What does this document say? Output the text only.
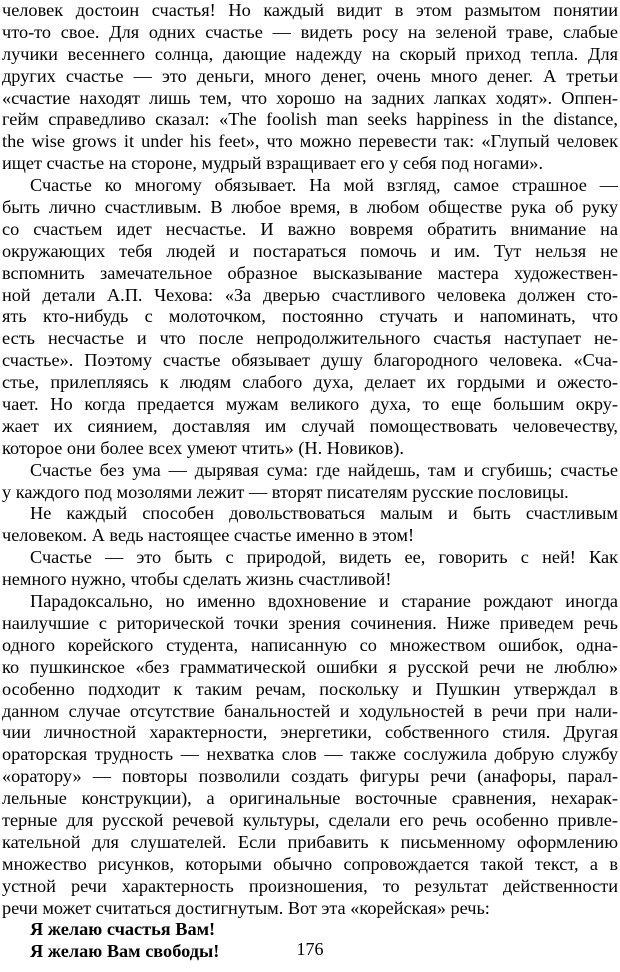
человек достоин счастья! Но каждый видит в этом размытом понятии
что-то свое. Для одних счастье — видеть росу на зеленой траве, слабые
лучики весеннего солнца, дающие надежду на скорый приход тепла. Для
других счастье — это деньги, много денег, очень много денег. А третьи
«счастие находят лишь тем, что хорошо на задних лапках ходят». Оппен-
гейм справедливо сказал: «The foolish man seeks happiness in the distance,
the wise grows it under his feet», что можно перевести так: «Глупый человек
ищет счастье на стороне, мудрый взращивает его у себя под ногами».
Счастье ко многому обязывает. На мой взгляд, самое страшное —
быть лично счастливым. В любое время, в любом обществе рука об руку
со счастьем идет несчастье. И важно вовремя обратить внимание на
окружающих тебя людей и постараться помочь и им. Тут нельзя не
вспомнить замечательное образное высказывание мастера художествен-
ной детали А.П. Чехова: «За дверью счастливого человека должен сто-
ять кто-нибудь с молоточком, постоянно стучать и напоминать, что
есть несчастье и что после непродолжительного счастья наступает не-
счастье». Поэтому счастье обязывает душу благородного человека. «Сча-
стье, прилепляясь к людям слабого духа, делает их гордыми и ожесто-
чает. Но когда предается мужам великого духа, то еще большим окру-
жает их сиянием, доставляя им случай помоществовать человечеству,
которое они более всех умеют чтить» (Н. Новиков).
Счастье без ума — дырявая сума: где найдешь, там и сгубишь; счастье
у каждого под мозолями лежит — вторят писателям русские пословицы.
Не каждый способен довольствоваться малым и быть счастливым
человеком. А ведь настоящее счастье именно в этом!
Счастье — это быть с природой, видеть ее, говорить с ней! Как
немного нужно, чтобы сделать жизнь счастливой!
Парадоксально, но именно вдохновение и старание рождают иногда
наилучшие с риторической точки зрения сочинения. Ниже приведем речь
одного корейского студента, написанную со множеством ошибок, одна-
ко пушкинское «без грамматической ошибки я русской речи не люблю»
особенно подходит к таким речам, поскольку и Пушкин утверждал в
данном случае отсутствие банальностей и ходульностей в речи при нали-
чии личностной характерности, энергетики, собственного стиля. Другая
ораторская трудность — нехватка слов — также сослужила добрую службу
«оратору» — повторы позволили создать фигуры речи (анафоры, парал-
лельные конструкции), а оригинальные восточные сравнения, нехарак-
терные для русской речевой культуры, сделали его речь особенно привле-
кательной для слушателей. Если прибавить к письменному оформлению
множество рисунков, которыми обычно сопровождается такой текст, а в
устной речи характерность произношения, то результат действенности
речи может считаться достигнутым. Вот эта «корейская» речь:
Я желаю счастья Вам!
Я желаю Вам свободы!	176
